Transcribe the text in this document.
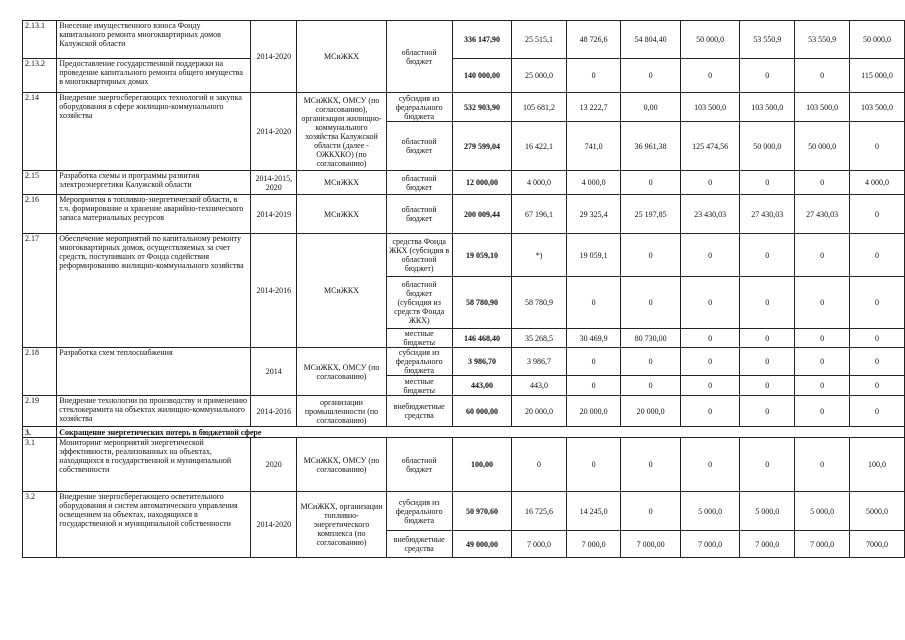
2.13.1	Внесение имущественного взноса Фонду капитального ремонта многоквартирных домов Калужской области	2014-2020	МСиЖКХ	областной бюджет	336 147,90	25 515,1	48 726,6	54 804,40	50 000,0	53 550,9	53 550,9	50 000,0
2.13.2	Предоставление государственной поддержки на проведение капитального ремонта общего имущества в многоквартирных домах				140 000,00	25 000,0	0	0	0	0	0	115 000,0
2.14	Внедрение энергосберегающих технологий и закупка оборудования в сфере жилищно-коммунального хозяйства	2014-2020	МСиЖКХ, ОМСУ (по согласованию), организации жилищно-коммунального хозяйства Калужской области (далее - ОЖКХКО) (по согласованию)	субсидия из федерального бюджета	532 903,90	105 681,2	13 222,7	0,00	103 500,0	103 500,0	103 500,0	103 500,0
				областной бюджет	279 599,04	16 422,1	741,0	36 961,38	125 474,56	50 000,0	50 000,0	0
2.15	Разработка схемы и программы развития электроэнергетики Калужской области	2014-2015, 2020	МСиЖКХ	областной бюджет	12 000,00	4 000,0	4 000,0	0	0	0	0	4 000,0
2.16	Мероприятия в топливно-энергетической области, в т.ч. формирование и хранение аварийно-технического запаса материальных ресурсов	2014-2019	МСиЖКХ	областной бюджет	200 009,44	67 196,1	29 325,4	25 197,85	23 430,03	27 430,03	27 430,03	0
2.17	Обеспечение мероприятий по капитальному ремонту многоквартирных домов, осуществляемых за счет средств, поступивших от Фонда содействия реформированию жилищно-коммунального хозяйства	2014-2016	МСиЖКХ	средства Фонда ЖКХ (субсидия в областной бюджет)	19 059,10	*)	19 059,1	0	0	0	0	0
				областной бюджет (субсидия из средств Фонда ЖКХ)	58 780,90	58 780,9	0	0	0	0	0	0
				местные бюджеты	146 468,40	35 268,5	30 469,9	80 730,00	0	0	0	0
2.18	Разработка схем теплоснабжения	2014	МСиЖКХ, ОМСУ (по согласованию)	субсидия из федерального бюджета	3 986,70	3 986,7	0	0	0	0	0	0
				местные бюджеты	443,00	443,0	0	0	0	0	0	0
2.19	Внедрение технологии по производству и применению стеклокерамита на объектах жилищно-коммунального хозяйства	2014-2016	организации промышленности (по согласованию)	внебюджетные средства	60 000,00	20 000,0	20 000,0	20 000,0	0	0	0	0
3.	Сокращение энергетических потерь в бюджетной сфере											
3.1	Мониторинг мероприятий энергетической эффективности, реализованных на объектах, находящихся в государственной и муниципальной собственности	2020	МСиЖКХ, ОМСУ (по согласованию)	областной бюджет	100,00	0	0	0	0	0	0	100,0
3.2	Внедрение энергосберегающего осветительного оборудования и систем автоматического управления освещением на объектах, находящихся в государственной и муниципальной собственности	2014-2020	МСиЖКХ, организации топливно-энергетического комплекса (по согласованию)	субсидия из федерального бюджета	50 970,60	16 725,6	14 245,0	0	5 000,0	5 000,0	5 000,0	5000,0
				внебюджетные средства	49 000,00	7 000,0	7 000,0	7 000,00	7 000,0	7 000,0	7 000,0	7000,0
